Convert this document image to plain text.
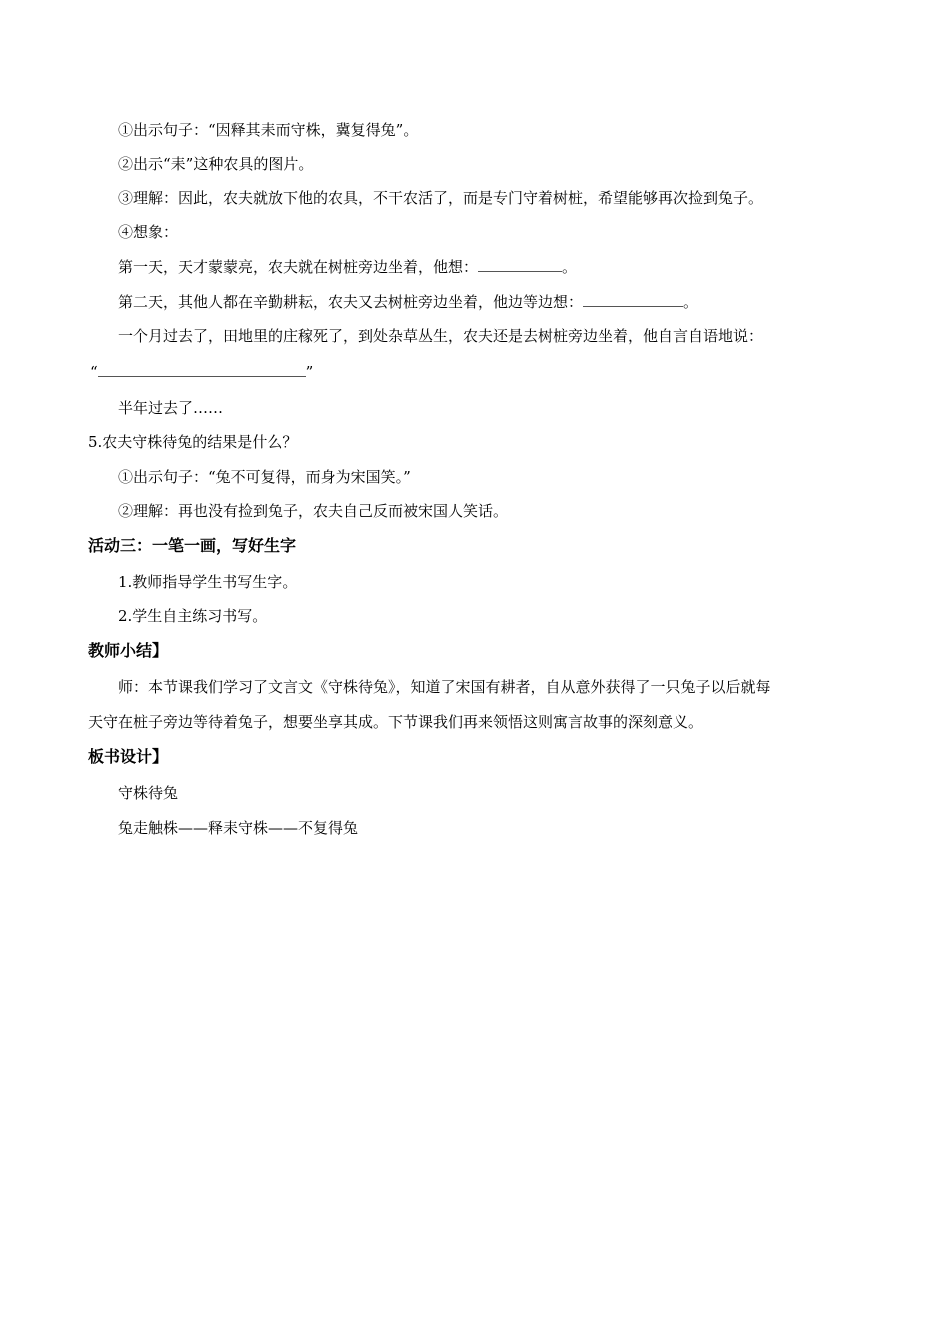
①出示句子：“因释其耒而守株，冀复得兔”。
②出示“耒”这种农具的图片。
③理解：因此，农夫就放下他的农具，不干农活了，而是专门守着树桩，希望能够再次捡到兔子。
④想象：
第一天，天才蒙蒙亮，农夫就在树桩旁边坐着，他想：	。
第二天，其他人都在辛勤耕耘，农夫又去树桩旁边坐着，他边等边想：	。
一个月过去了，田地里的庄稼死了，到处杂草丛生，农夫还是去树桩旁边坐着，他自言自语地说：
“	”
半年过去了……
5.农夫守株待兔的结果是什么？
①出示句子：“兔不可复得，而身为宋国笑。”
②理解：再也没有捡到兔子，农夫自己反而被宋国人笑话。
活动三：一笔一画，写好生字
1.教师指导学生书写生字。
2.学生自主练习书写。
教师小结】
师：本节课我们学习了文言文《守株待兔》，知道了宋国有耕者，自从意外获得了一只兔子以后就每
天守在桩子旁边等待着兔子，想要坐享其成。下节课我们再来领悟这则寓言故事的深刻意义。
板书设计】
守株待兔
兔走触株——释耒守株——不复得兔
